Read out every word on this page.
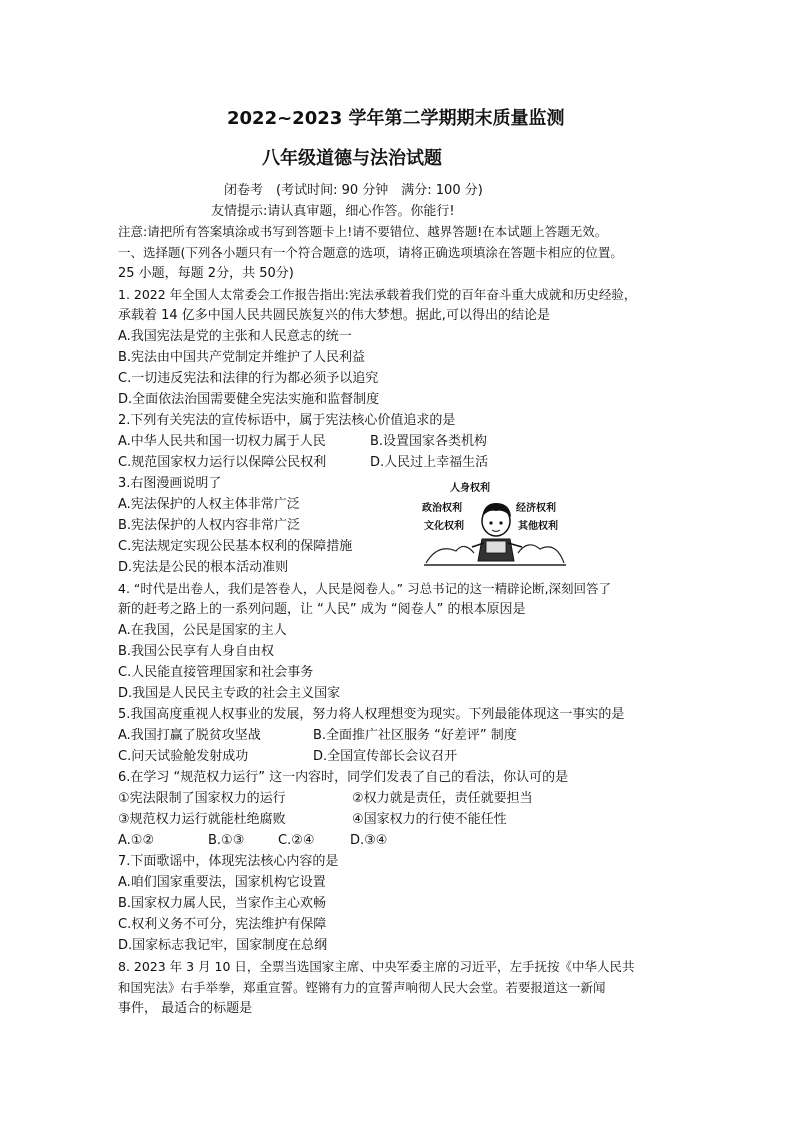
2022~2023 学年第二学期期末质量监测
八年级道德与法治试题
闭卷考　(考试时间: 90 分钟　满分: 100 分)
友情提示:请认真审题，细心作答。你能行!
注意:请把所有答案填涂或书写到答题卡上!请不要错位、越界答题!在本试题上答题无效。
一、选择题(下列各小题只有一个符合题意的选项，请将正确选项填涂在答题卡相应的位置。
25 小题，每题 2分，共 50分)
1. 2022 年全国人太常委会工作报告指出:宪法承载着我们党的百年奋斗重大成就和历史经验，
承载着 14 亿多中国人民共圆民族复兴的伟大梦想。据此,可以得出的结论是
A.我国宪法是党的主张和人民意志的统一
B.宪法由中国共产党制定并维护了人民利益
C.一切违反宪法和法律的行为都必须予以追究
D.全面依法治国需要健全宪法实施和监督制度
2.下列有关宪法的宣传标语中，属于宪法核心价值追求的是
A.中华人民共和国一切权力属于人民	B.设置国家各类机构
C.规范国家权力运行以保障公民权利	D.人民过上幸福生活
3.右图漫画说明了
A.宪法保护的人权主体非常广泛
B.宪法保护的人权内容非常广泛
C.宪法规定实现公民基本权利的保障措施
D.宪法是公民的根本活动准则
人身权利
政治权利	经济权利
文化权利	其他权利
4. “时代是出卷人，我们是答卷人，人民是阅卷人。” 习总书记的这一精辟论断,深刻回答了
新的赶考之路上的一系列问题，让 “人民” 成为 “阅卷人” 的根本原因是
A.在我国，公民是国家的主人
B.我国公民享有人身自由权
C.人民能直接管理国家和社会事务
D.我国是人民民主专政的社会主义国家
5.我国高度重视人权事业的发展，努力将人权理想变为现实。下列最能体现这一事实的是
A.我国打赢了脱贫攻坚战	B.全面推广社区服务 “好差评” 制度
C.问天试验舱发射成功	D.全国宣传部长会议召开
6.在学习 “规范权力运行” 这一内容时，同学们发表了自己的看法，你认可的是
①宪法限制了国家权力的运行	②权力就是责任，责任就要担当
③规范权力运行就能杜绝腐败	④国家权力的行使不能任性
A.①②	B.①③	C.②④	D.③④
7.下面歌谣中，体现宪法核心内容的是
A.咱们国家重要法，国家机构它设置
B.国家权力属人民，当家作主心欢畅
C.权利义务不可分，宪法维护有保障
D.国家标志我记牢，国家制度在总纲
8. 2023 年 3 月 10 日，全票当选国家主席、中央军委主席的习近平，左手抚按《中华人民共
和国宪法》右手举拳，郑重宣誓。铿锵有力的宣誓声响彻人民大会堂。若要报道这一新闻
事件， 最适合的标题是
